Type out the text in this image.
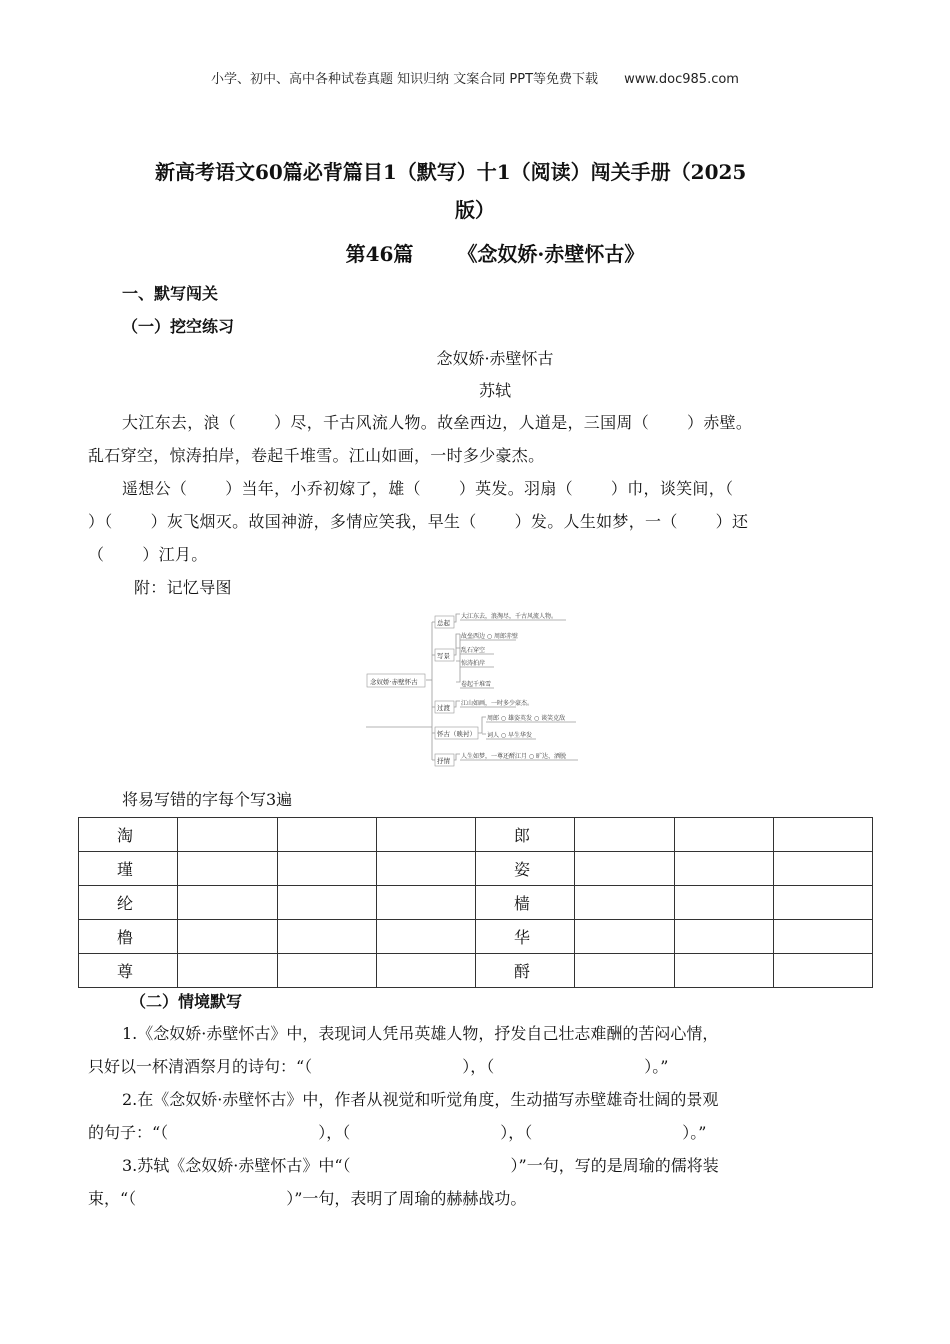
小学、初中、高中各种试卷真题 知识归纳 文案合同 PPT等免费下载 www.doc985.com
新高考语文60篇必背篇目1（默写）十1（阅读）闯关手册（2025
版）
第46篇 《念奴娇·赤壁怀古》
一、默写闯关
（一）挖空练习
念奴娇·赤壁怀古
苏轼
大江东去，浪（ ）尽，千古风流人物。故垒西边，人道是，三国周（ ）赤壁。
乱石穿空，惊涛拍岸，卷起千堆雪。江山如画，一时多少豪杰。
遥想公（ ）当年，小乔初嫁了，雄（ ）英发。羽扇（ ）巾，谈笑间，（
）（ ）灰飞烟灭。故国神游，多情应笑我，早生（ ）发。人生如梦，一（ ）还
（ ）江月。
附：记忆导图
念奴娇·赤壁怀古
总起
写景
过渡
怀古（映衬）
抒情
大江东去，浪淘尽，千古风流人物。
故垒西边 ○ 周郎赤壁
乱石穿空
惊涛拍岸
卷起千堆雪
江山如画，一时多少豪杰。
周郎 ○ 雄姿英发 ○ 谈笑克敌
词人 ○ 早生华发
人生如梦，一尊还酹江月 ○ 旷达、洒脱
将易写错的字每个写3遍
淘				郎			
瑾				姿			
纶				樯			
橹				华			
尊				酹			
（二）情境默写
1.《念奴娇·赤壁怀古》中，表现词人凭吊英雄人物，抒发自己壮志难酬的苦闷心情，
只好以一杯清酒祭月的诗句：“（	），（	）。”
2.在《念奴娇·赤壁怀古》中，作者从视觉和听觉角度，生动描写赤壁雄奇壮阔的景观
的句子：“（	），（	），（	）。”
3.苏轼《念奴娇·赤壁怀古》中“（	）”一句，写的是周瑜的儒将装
束，“（	）”一句，表明了周瑜的赫赫战功。
